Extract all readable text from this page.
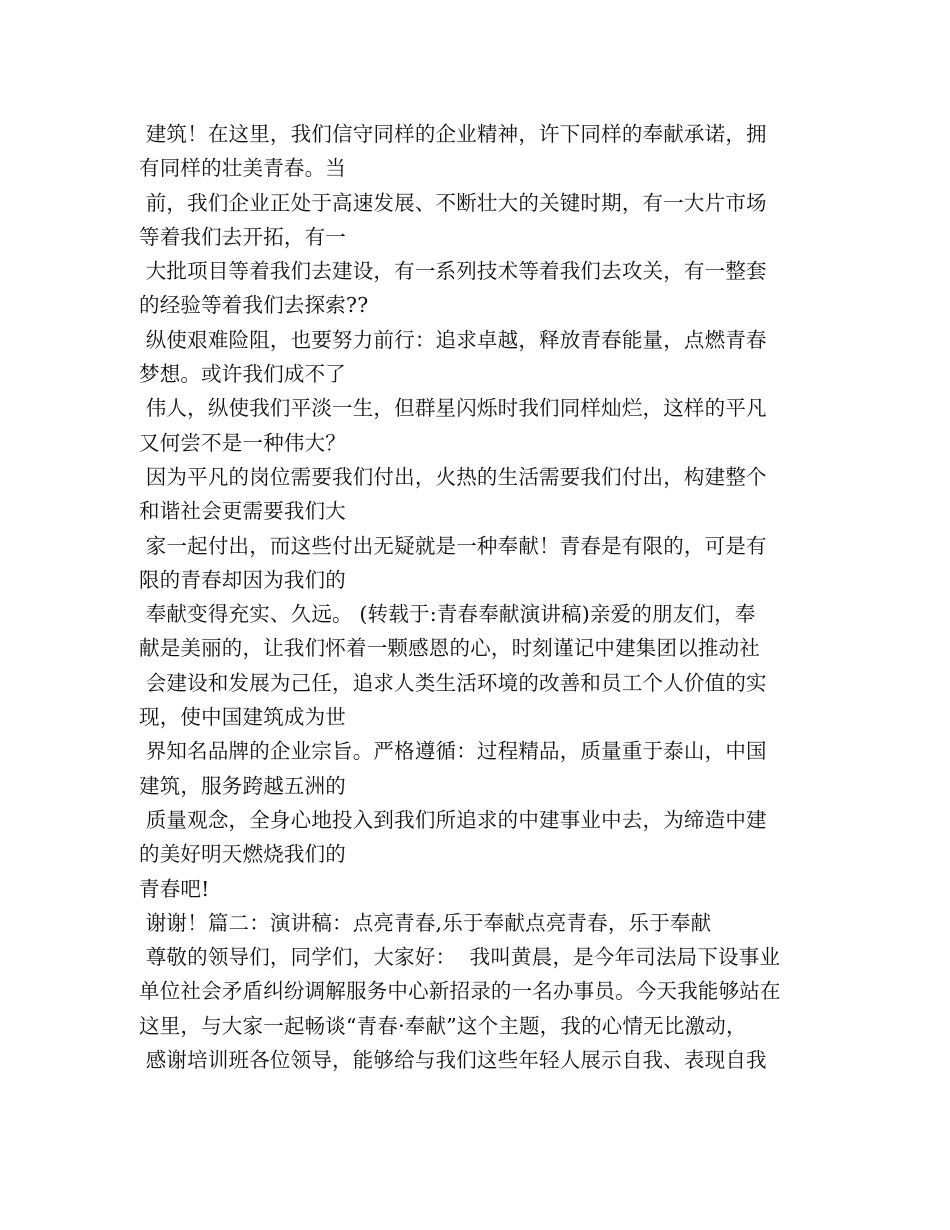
建筑！在这里，我们信守同样的企业精神，许下同样的奉献承诺，拥
有同样的壮美青春。当
前，我们企业正处于高速发展、不断壮大的关键时期，有一大片市场
等着我们去开拓，有一
大批项目等着我们去建设，有一系列技术等着我们去攻关，有一整套
的经验等着我们去探索??
纵使艰难险阻，也要努力前行：追求卓越，释放青春能量，点燃青春
梦想。或许我们成不了
伟人，纵使我们平淡一生，但群星闪烁时我们同样灿烂，这样的平凡
又何尝不是一种伟大？
因为平凡的岗位需要我们付出，火热的生活需要我们付出，构建整个
和谐社会更需要我们大
家一起付出，而这些付出无疑就是一种奉献！青春是有限的，可是有
限的青春却因为我们的
奉献变得充实、久远。 (转载于:青春奉献演讲稿)亲爱的朋友们，奉
献是美丽的，让我们怀着一颗感恩的心，时刻谨记中建集团以推动社
会建设和发展为己任，追求人类生活环境的改善和员工个人价值的实
现，使中国建筑成为世
界知名品牌的企业宗旨。严格遵循：过程精品，质量重于泰山，中国
建筑，服务跨越五洲的
质量观念，全身心地投入到我们所追求的中建事业中去，为缔造中建
的美好明天燃烧我们的
青春吧!
谢谢！篇二：演讲稿：点亮青春,乐于奉献点亮青春，乐于奉献
尊敬的领导们，同学们，大家好：  我叫黄晨，是今年司法局下设事业
单位社会矛盾纠纷调解服务中心新招录的一名办事员。今天我能够站在
这里，与大家一起畅谈“青春·奉献”这个主题，我的心情无比激动，
感谢培训班各位领导，能够给与我们这些年轻人展示自我、表现自我
